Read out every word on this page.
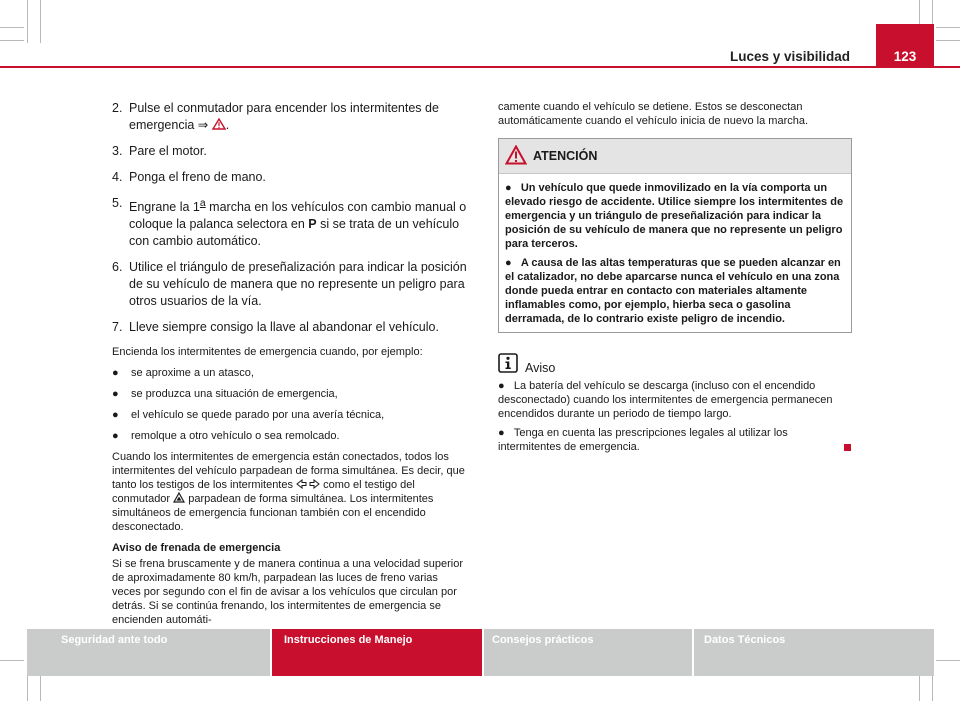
Luces y visibilidad	123
2. Pulse el conmutador para encender los intermitentes de emergencia ⇒ .
3. Pare el motor.
4. Ponga el freno de mano.
5. Engrane la 1$^a$ marcha en los vehículos con cambio manual o coloque la palanca selectora en P si se trata de un vehículo con cambio automático.
6. Utilice el triángulo de preseñalización para indicar la posición de su vehículo de manera que no represente un peligro para otros usuarios de la vía.
7. Lleve siempre consigo la llave al abandonar el vehículo.

Encienda los intermitentes de emergencia cuando, por ejemplo:

● se aproxime a un atasco,
● se produzca una situación de emergencia,
● el vehículo se quede parado por una avería técnica,
● remolque a otro vehículo o sea remolcado.

Cuando los intermitentes de emergencia están conectados, todos los intermitentes del vehículo parpadean de forma simultánea. Es decir, que tanto los testigos de los intermitentes  como el testigo del conmutador  parpadean de forma simultánea. Los intermitentes simultáneos de emergencia funcionan también con el encendido desconectado.

Aviso de frenada de emergencia

Si se frena bruscamente y de manera continua a una velocidad superior de aproximadamente 80 km/h, parpadean las luces de freno varias veces por segundo con el fin de avisar a los vehículos que circulan por detrás. Si se continúa frenando, los intermitentes de emergencia se encienden automáti-

camente cuando el vehículo se detiene. Estos se desconectan automáticamente cuando el vehículo inicia de nuevo la marcha.

ATENCIÓN

● Un vehículo que quede inmovilizado en la vía comporta un elevado riesgo de accidente. Utilice siempre los intermitentes de emergencia y un triángulo de preseñalización para indicar la posición de su vehículo de manera que no represente un peligro para terceros.

● A causa de las altas temperaturas que se pueden alcanzar en el catalizador, no debe aparcarse nunca el vehículo en una zona donde pueda entrar en contacto con materiales altamente inflamables como, por ejemplo, hierba seca o gasolina derramada, de lo contrario existe peligro de incendio.

Aviso

● La batería del vehículo se descarga (incluso con el encendido desconectado) cuando los intermitentes de emergencia permanecen encendidos durante un periodo de tiempo largo.

● Tenga en cuenta las prescripciones legales al utilizar los intermitentes de emergencia.

Seguridad ante todo	Instrucciones de Manejo	Consejos prácticos	Datos Técnicos
